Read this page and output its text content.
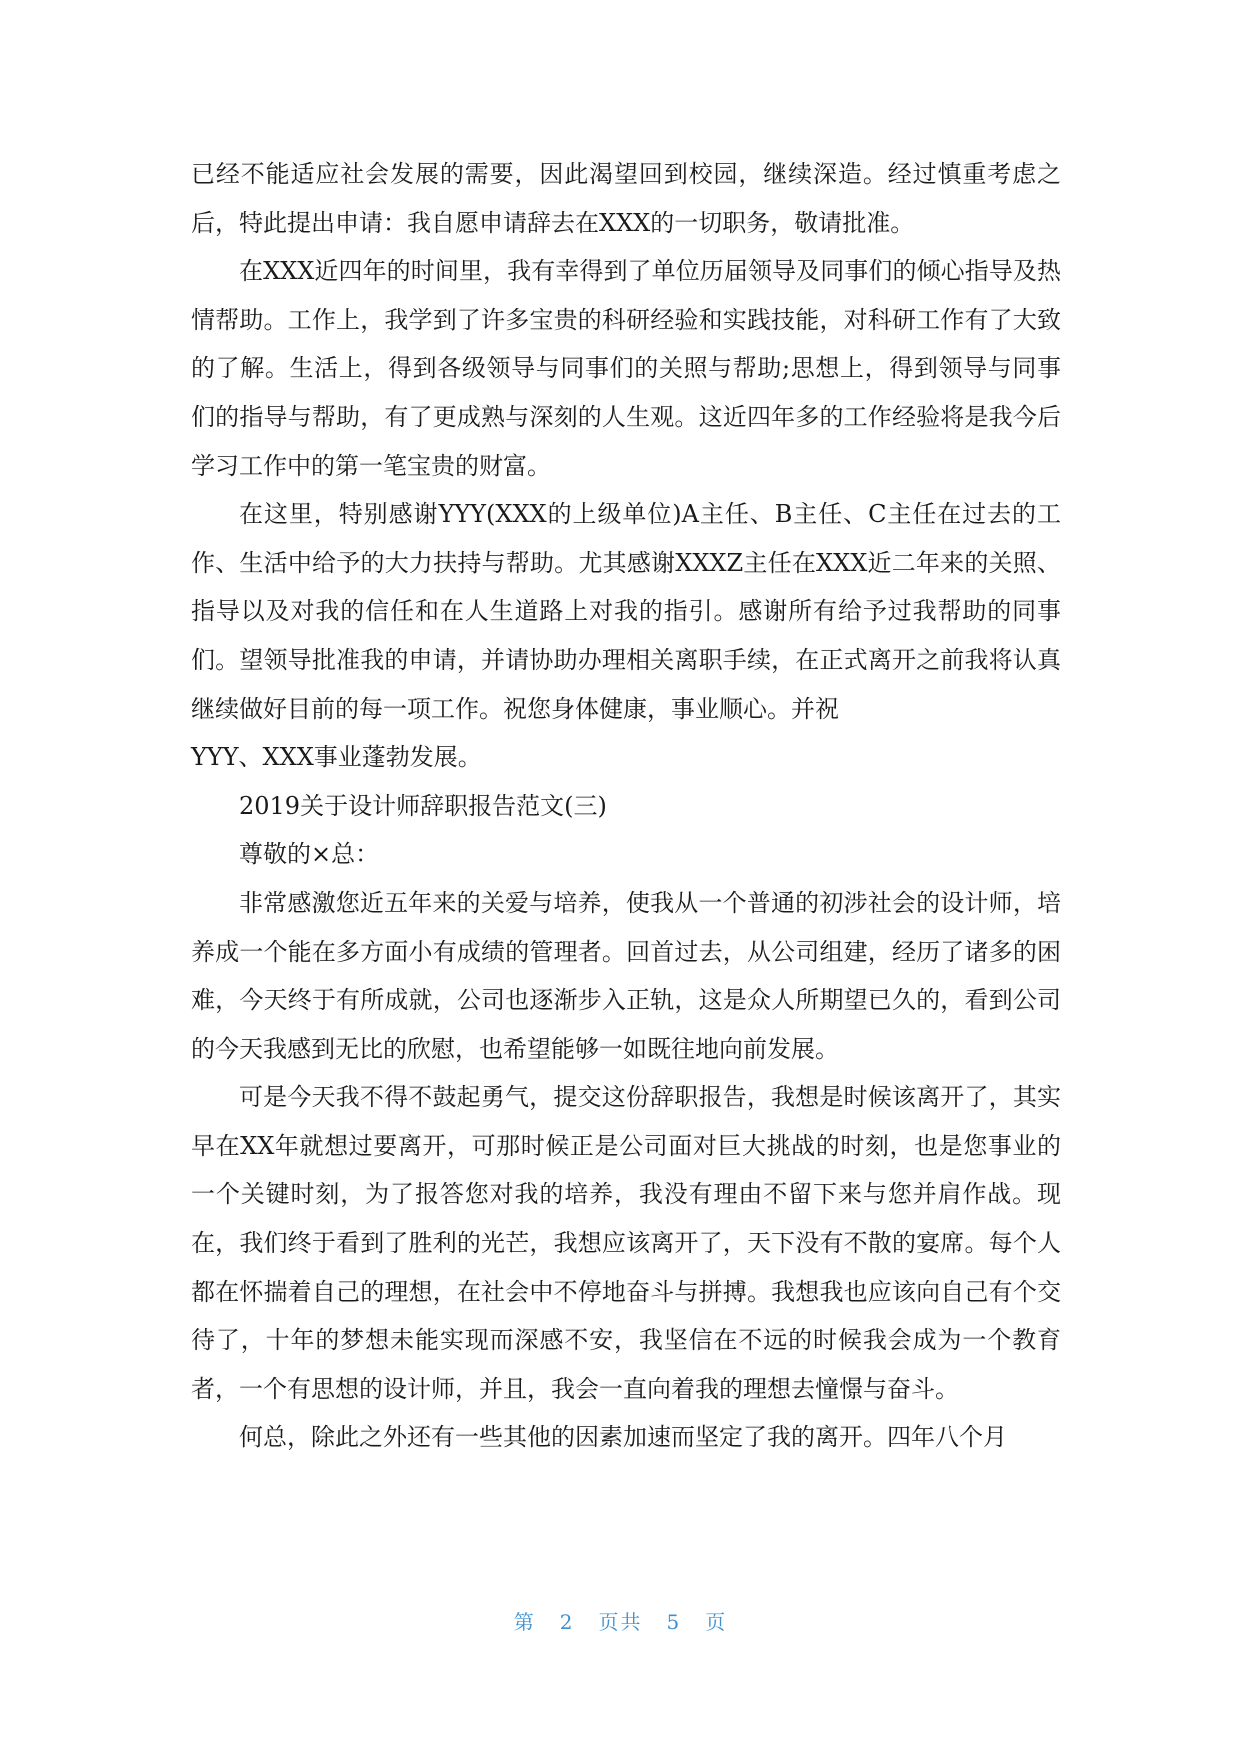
已经不能适应社会发展的需要，因此渴望回到校园，继续深造。经过慎重考虑之后，特此提出申请：我自愿申请辞去在XXX的一切职务，敬请批准。

在XXX近四年的时间里，我有幸得到了单位历届领导及同事们的倾心指导及热情帮助。工作上，我学到了许多宝贵的科研经验和实践技能，对科研工作有了大致的了解。生活上，得到各级领导与同事们的关照与帮助;思想上，得到领导与同事们的指导与帮助，有了更成熟与深刻的人生观。这近四年多的工作经验将是我今后学习工作中的第一笔宝贵的财富。

在这里，特别感谢YYY(XXX的上级单位)A主任、B主任、C主任在过去的工作、生活中给予的大力扶持与帮助。尤其感谢XXXZ主任在XXX近二年来的关照、指导以及对我的信任和在人生道路上对我的指引。感谢所有给予过我帮助的同事们。望领导批准我的申请，并请协助办理相关离职手续，在正式离开之前我将认真继续做好目前的每一项工作。祝您身体健康，事业顺心。并祝

YYY、XXX事业蓬勃发展。

2019关于设计师辞职报告范文(三)

尊敬的×总：

非常感激您近五年来的关爱与培养，使我从一个普通的初涉社会的设计师，培养成一个能在多方面小有成绩的管理者。回首过去，从公司组建，经历了诸多的困难，今天终于有所成就，公司也逐渐步入正轨，这是众人所期望已久的，看到公司的今天我感到无比的欣慰，也希望能够一如既往地向前发展。

可是今天我不得不鼓起勇气，提交这份辞职报告，我想是时候该离开了，其实早在XX年就想过要离开，可那时候正是公司面对巨大挑战的时刻，也是您事业的一个关键时刻，为了报答您对我的培养，我没有理由不留下来与您并肩作战。现在，我们终于看到了胜利的光芒，我想应该离开了，天下没有不散的宴席。每个人都在怀揣着自己的理想，在社会中不停地奋斗与拼搏。我想我也应该向自己有个交待了，十年的梦想未能实现而深感不安，我坚信在不远的时候我会成为一个教育者，一个有思想的设计师，并且，我会一直向着我的理想去憧憬与奋斗。

何总，除此之外还有一些其他的因素加速而坚定了我的离开。四年八个月

第 2 页共 5 页
